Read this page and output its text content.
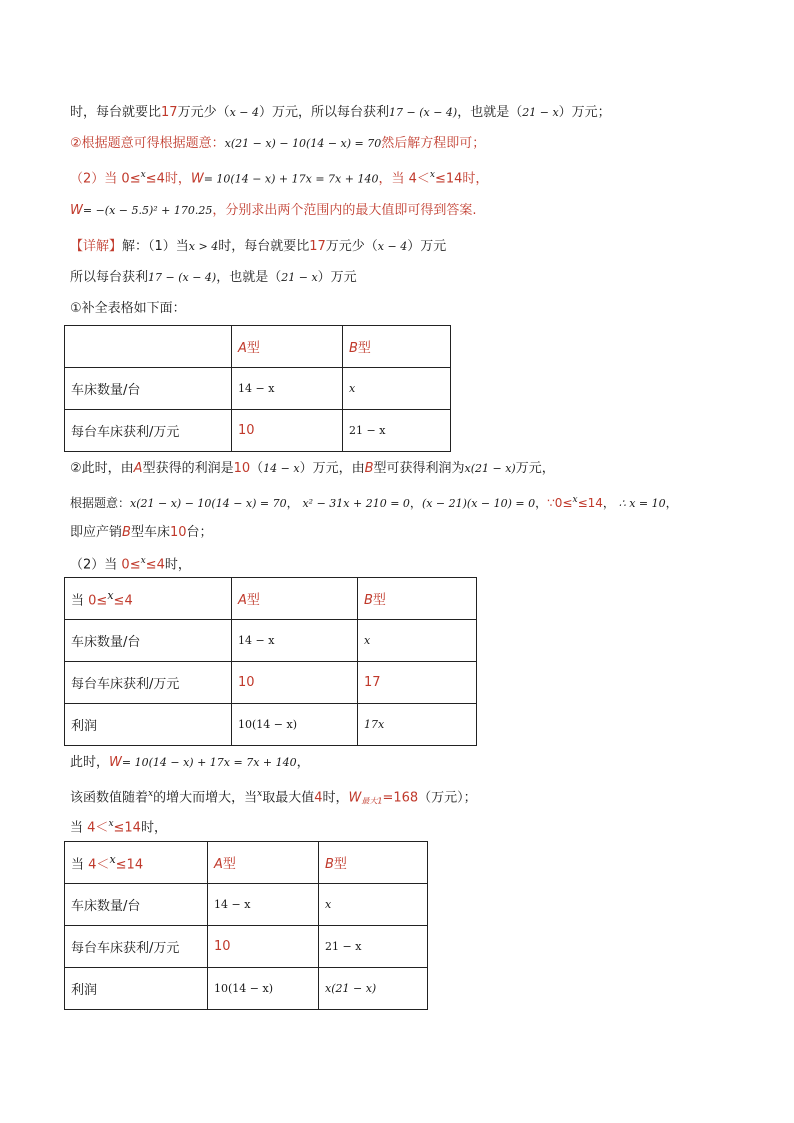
时，每台就要比17万元少（x − 4）万元，所以每台获利17 − (x − 4)，也就是（21 − x）万元；
②根据题意可得根据题意：x(21 − x) − 10(14 − x) = 70然后解方程即可；
（2）当 0≤$^x$≤4时，W= 10(14 − x) + 17x = 7x + 140，当 4＜$^x$≤14时，
W= −(x − 5.5)² + 170.25，分别求出两个范围内的最大值即可得到答案.
【详解】解：（1）当x > 4时，每台就要比17万元少（x − 4）万元
所以每台获利17 − (x − 4)，也就是（21 − x）万元
①补全表格如下面：
	A型	B型
车床数量/台	14 − x	x
每台车床获利/万元	10	21 − x
②此时，由A型获得的利润是10（14 − x）万元，由B型可获得利润为x(21 − x)万元，
根据题意：x(21 − x) − 10(14 − x) = 70， x² − 31x + 210 = 0，(x − 21)(x − 10) = 0，∵0≤$^x$≤14， ∴ x = 10，
即应产销B型车床10台；
（2）当 0≤$^x$≤4时，
当 0≤$^x$≤4	A型	B型
车床数量/台	14 − x	x
每台车床获利/万元	10	17
利润	10(14 − x)	17x
此时，W= 10(14 − x) + 17x = 7x + 140，
该函数值随着$^x$的增大而增大，当$^x$取最大值4时，$W_{最大1}=168$（万元）；
当 4＜$^x$≤14时，
当 4＜$^x$≤14	A型	B型
车床数量/台	14 − x	x
每台车床获利/万元	10	21 − x
利润	10(14 − x)	x(21 − x)
